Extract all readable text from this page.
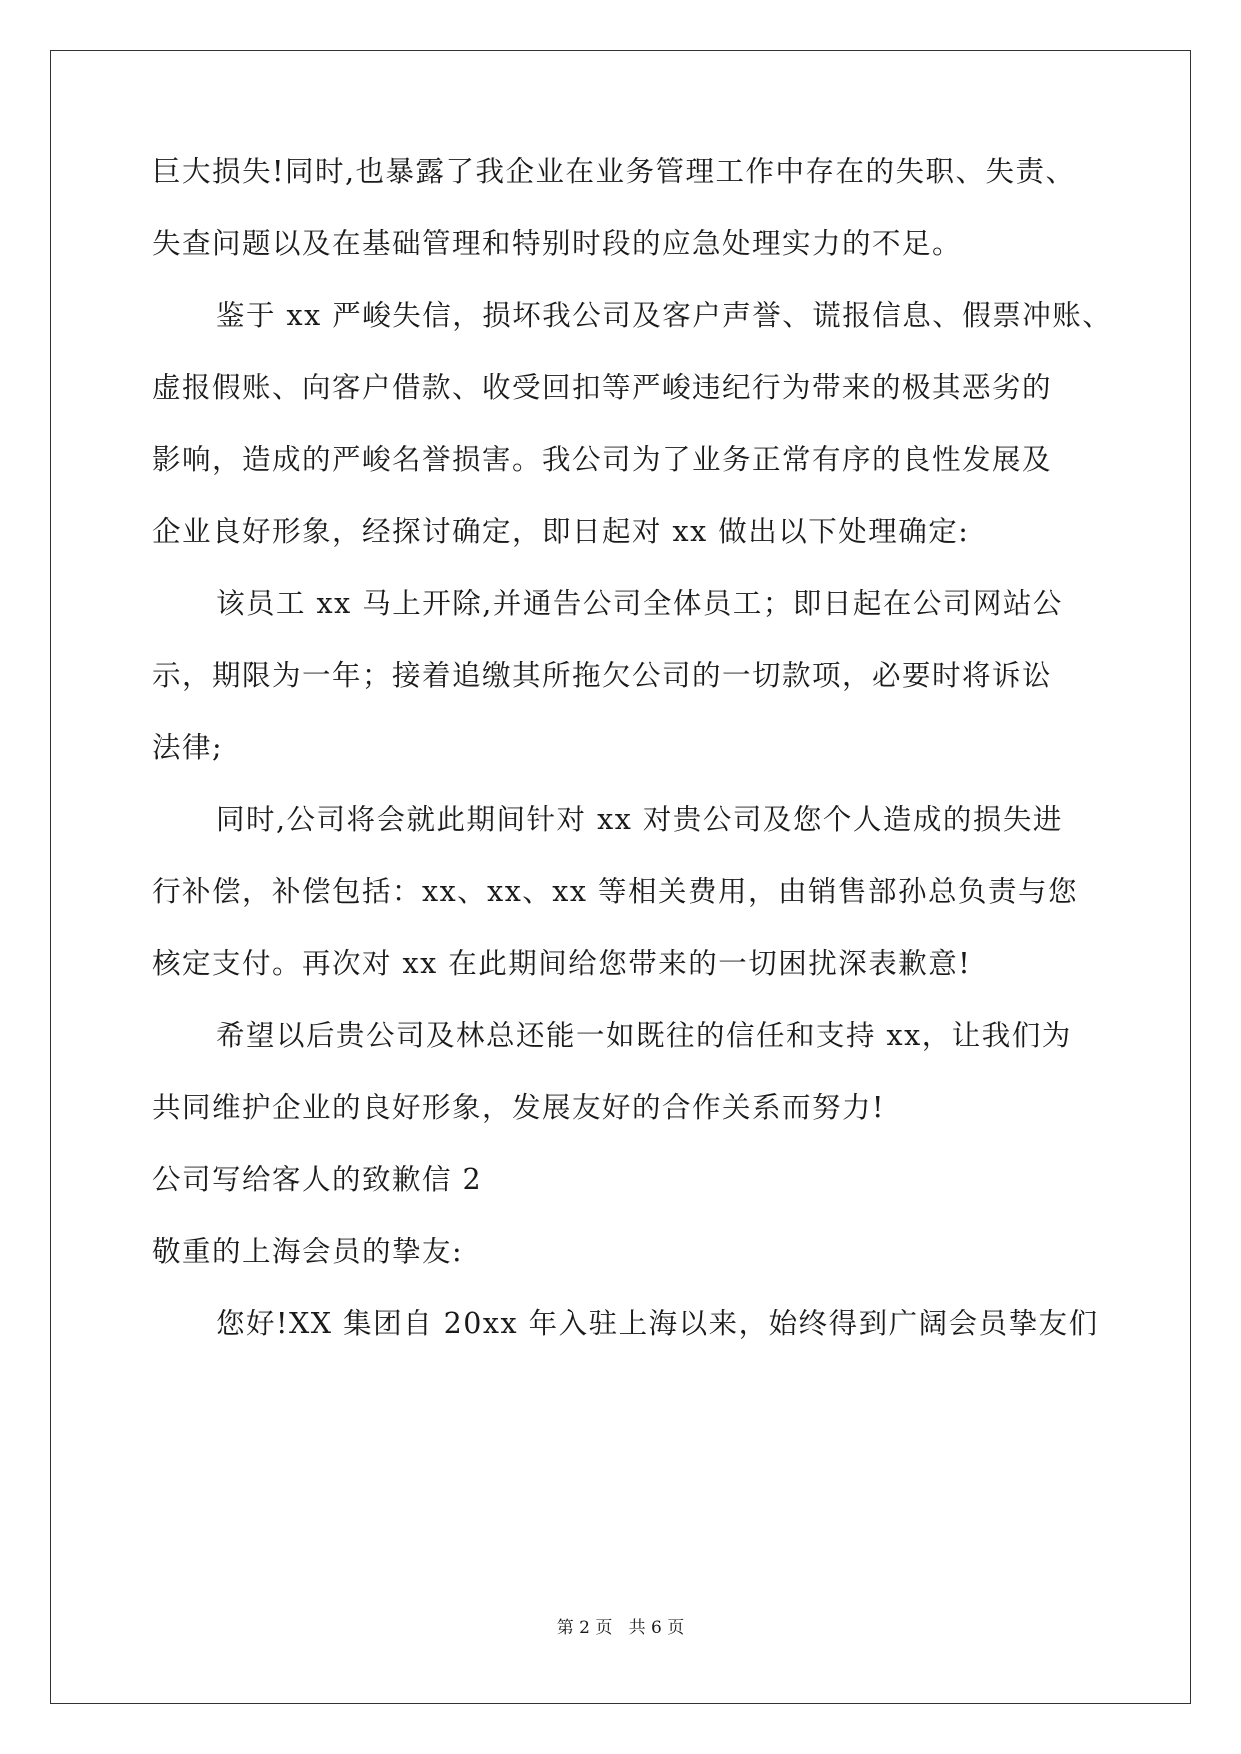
巨大损失!同时,也暴露了我企业在业务管理工作中存在的失职、失责、
失查问题以及在基础管理和特别时段的应急处理实力的不足。
鉴于 xx 严峻失信，损坏我公司及客户声誉、谎报信息、假票冲账、
虚报假账、向客户借款、收受回扣等严峻违纪行为带来的极其恶劣的
影响，造成的严峻名誉损害。我公司为了业务正常有序的良性发展及
企业良好形象，经探讨确定，即日起对 xx 做出以下处理确定:
该员工 xx 马上开除,并通告公司全体员工；即日起在公司网站公
示，期限为一年；接着追缴其所拖欠公司的一切款项，必要时将诉讼
法律;
同时,公司将会就此期间针对 xx 对贵公司及您个人造成的损失进
行补偿，补偿包括：xx、xx、xx 等相关费用，由销售部孙总负责与您
核定支付。再次对 xx 在此期间给您带来的一切困扰深表歉意!
希望以后贵公司及林总还能一如既往的信任和支持 xx，让我们为
共同维护企业的良好形象，发展友好的合作关系而努力!
公司写给客人的致歉信 2
敬重的上海会员的挚友:
您好!XX 集团自 20xx 年入驻上海以来，始终得到广阔会员挚友们
第 2 页 共 6 页
